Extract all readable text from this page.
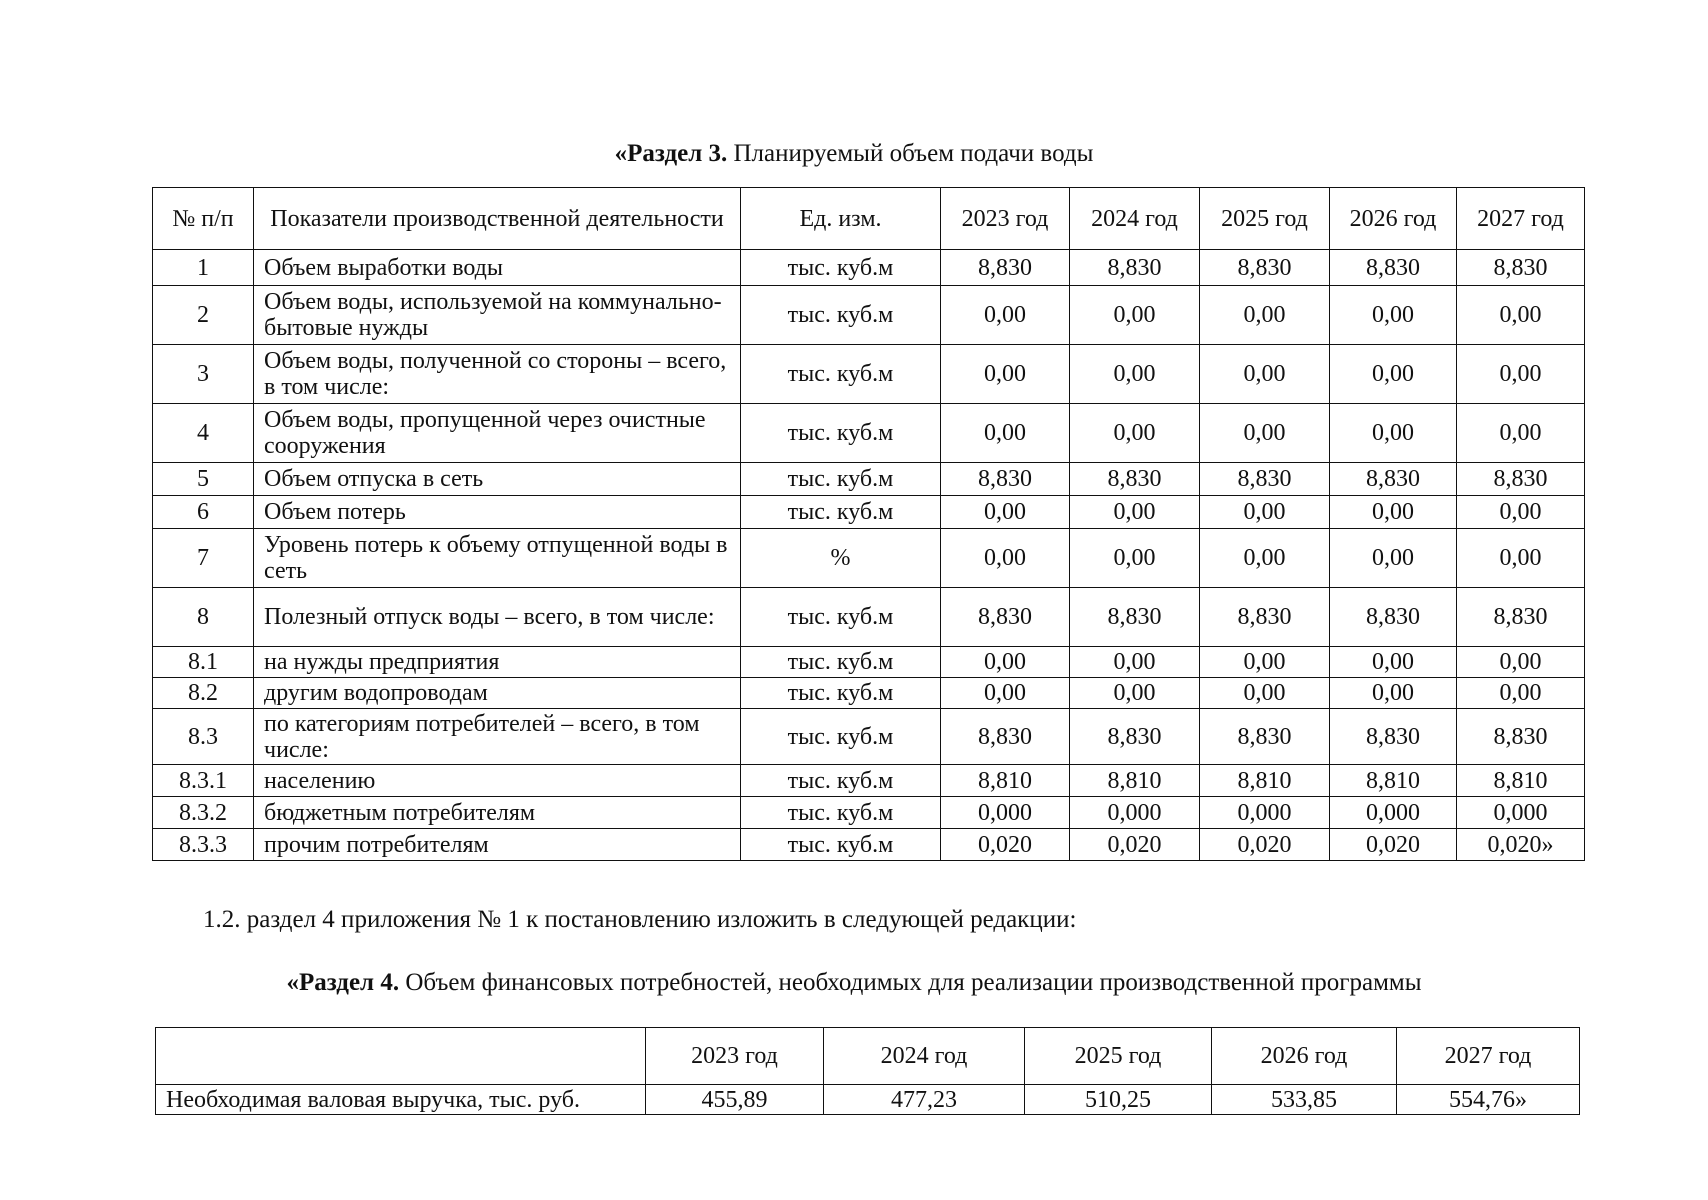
«Раздел 3. Планируемый объем подачи воды
№ п/п	Показатели производственной деятельности	Ед. изм.	2023 год	2024 год	2025 год	2026 год	2027 год
1	Объем выработки воды	тыс. куб.м	8,830	8,830	8,830	8,830	8,830
2	Объем воды, используемой на коммунально-бытовые нужды	тыс. куб.м	0,00	0,00	0,00	0,00	0,00
3	Объем воды, полученной со стороны – всего, в том числе:	тыс. куб.м	0,00	0,00	0,00	0,00	0,00
4	Объем воды, пропущенной через очистные сооружения	тыс. куб.м	0,00	0,00	0,00	0,00	0,00
5	Объем отпуска в сеть	тыс. куб.м	8,830	8,830	8,830	8,830	8,830
6	Объем потерь	тыс. куб.м	0,00	0,00	0,00	0,00	0,00
7	Уровень потерь к объему отпущенной воды в сеть	%	0,00	0,00	0,00	0,00	0,00
8	Полезный отпуск воды – всего, в том числе:	тыс. куб.м	8,830	8,830	8,830	8,830	8,830
8.1	на нужды предприятия	тыс. куб.м	0,00	0,00	0,00	0,00	0,00
8.2	другим водопроводам	тыс. куб.м	0,00	0,00	0,00	0,00	0,00
8.3	по категориям потребителей – всего, в том числе:	тыс. куб.м	8,830	8,830	8,830	8,830	8,830
8.3.1	населению	тыс. куб.м	8,810	8,810	8,810	8,810	8,810
8.3.2	бюджетным потребителям	тыс. куб.м	0,000	0,000	0,000	0,000	0,000
8.3.3	прочим потребителям	тыс. куб.м	0,020	0,020	0,020	0,020	0,020»
1.2. раздел 4 приложения № 1 к постановлению изложить в следующей редакции:
«Раздел 4. Объем финансовых потребностей, необходимых для реализации производственной программы
	2023 год	2024 год	2025 год	2026 год	2027 год
Необходимая валовая выручка, тыс. руб.	455,89	477,23	510,25	533,85	554,76»
